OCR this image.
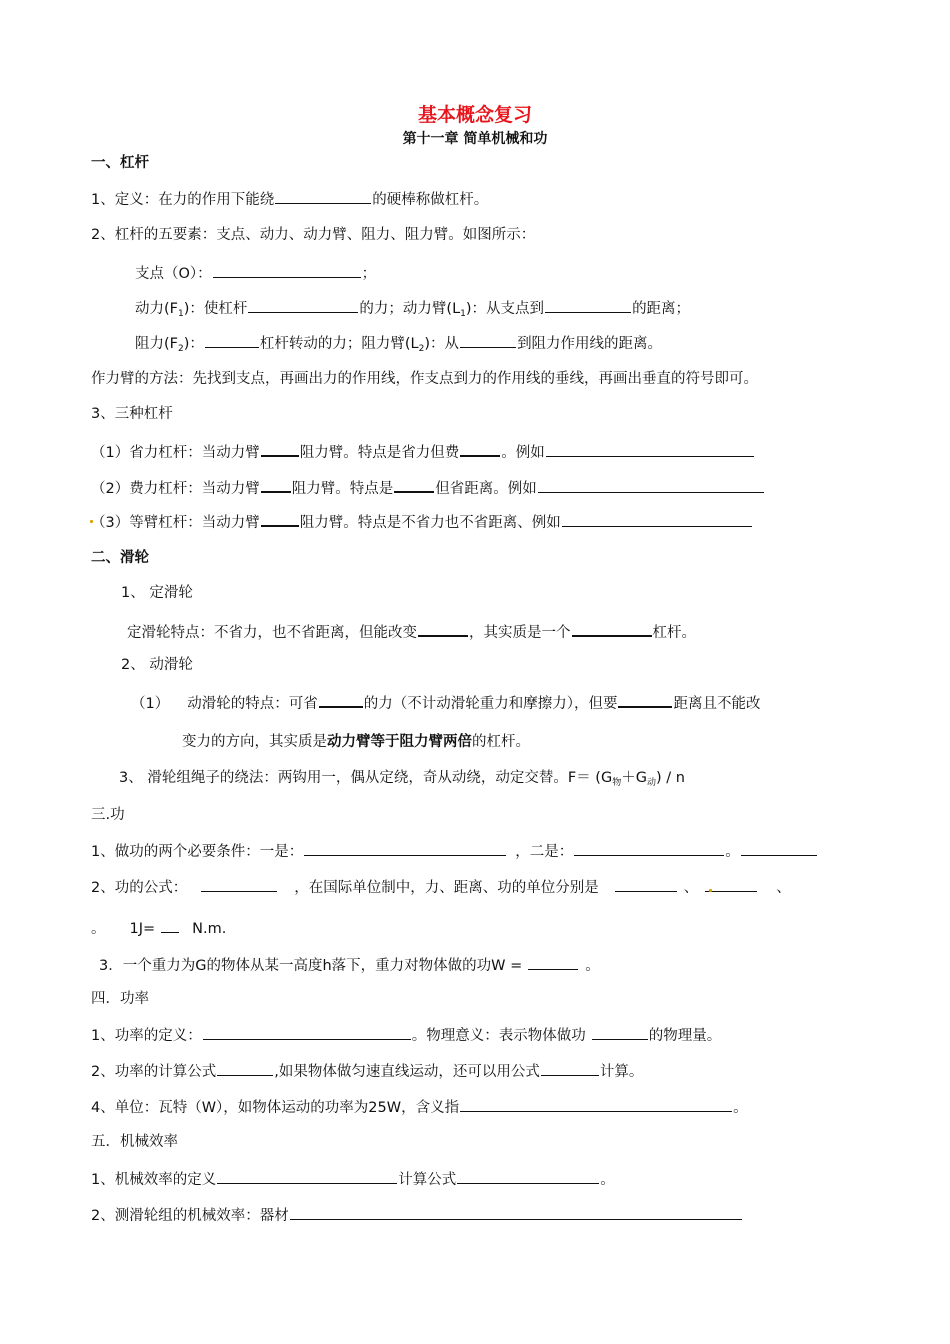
基本概念复习
第十一章 简单机械和功
一、杠杆
1、定义：在力的作用下能绕	的硬棒称做杠杆。
2、杠杆的五要素：支点、动力、动力臂、阻力、阻力臂。如图所示：
支点（O）：	；
动力$(F_1)$：使杠杆	的力；动力臂$(L_1)$：从支点到	的距离；
阻力$(F_2)$：	杠杆转动的力；阻力臂$(L_2)$：从	到阻力作用线的距离。
作力臂的方法：先找到支点，再画出力的作用线，作支点到力的作用线的垂线，再画出垂直的符号即可。
3、三种杠杆
（1）省力杠杆：当动力臂	阻力臂。特点是省力但费	。例如
（2）费力杠杆：当动力臂 阻力臂。特点是	但省距离。例如
（3）等臂杠杆：当动力臂	阻力臂。特点是不省力也不省距离、例如
二、滑轮
1、 定滑轮
定滑轮特点：不省力，也不省距离，但能改变	，其实质是一个	杠杆。
2、 动滑轮
（1） 动滑轮的特点：可省	的力（不计动滑轮重力和摩擦力），但要	距离且不能改
变力的方向，其实质是动力臂等于阻力臂两倍的杠杆。
3、 滑轮组绳子的绕法：两钩用一，偶从定绕，奇从动绕，动定交替。$F= (G_物+G_动) / n$
三.功
1、做功的两个必要条件：一是：	，二是：	。
2、功的公式：	，在国际单位制中，力、距离、功的单位分别是	、	、
。 1J=	N.m.
3．一个重力为G的物体从某一高度h落下，重力对物体做的功W =	。
四．功率
1、功率的定义：	。物理意义：表示物体做功	的物理量。
2、功率的计算公式	,如果物体做匀速直线运动，还可以用公式	计算。
4、单位：瓦特（W），如物体运动的功率为25W，含义指	。
五．机械效率
1、机械效率的定义	计算公式	。
2、测滑轮组的机械效率：器材
